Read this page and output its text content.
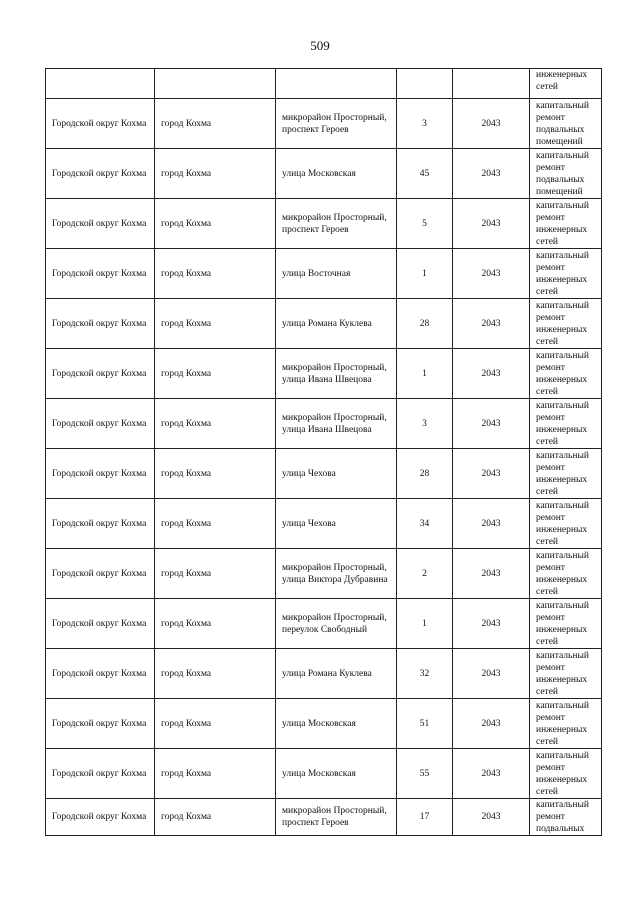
509
					инженерных сетей
Городской округ Кохма	город Кохма	микрорайон Просторный, проспект Героев	3	2043	капитальный ремонт подвальных помещений
Городской округ Кохма	город Кохма	улица Московская	45	2043	капитальный ремонт подвальных помещений
Городской округ Кохма	город Кохма	микрорайон Просторный, проспект Героев	5	2043	капитальный ремонт инженерных сетей
Городской округ Кохма	город Кохма	улица Восточная	1	2043	капитальный ремонт инженерных сетей
Городской округ Кохма	город Кохма	улица Романа Куклева	28	2043	капитальный ремонт инженерных сетей
Городской округ Кохма	город Кохма	микрорайон Просторный, улица Ивана Швецова	1	2043	капитальный ремонт инженерных сетей
Городской округ Кохма	город Кохма	микрорайон Просторный, улица Ивана Швецова	3	2043	капитальный ремонт инженерных сетей
Городской округ Кохма	город Кохма	улица Чехова	28	2043	капитальный ремонт инженерных сетей
Городской округ Кохма	город Кохма	улица Чехова	34	2043	капитальный ремонт инженерных сетей
Городской округ Кохма	город Кохма	микрорайон Просторный, улица Виктора Дубравина	2	2043	капитальный ремонт инженерных сетей
Городской округ Кохма	город Кохма	микрорайон Просторный, переулок Свободный	1	2043	капитальный ремонт инженерных сетей
Городской округ Кохма	город Кохма	улица Романа Куклева	32	2043	капитальный ремонт инженерных сетей
Городской округ Кохма	город Кохма	улица Московская	51	2043	капитальный ремонт инженерных сетей
Городской округ Кохма	город Кохма	улица Московская	55	2043	капитальный ремонт инженерных сетей
Городской округ Кохма	город Кохма	микрорайон Просторный, проспект Героев	17	2043	капитальный ремонт подвальных
